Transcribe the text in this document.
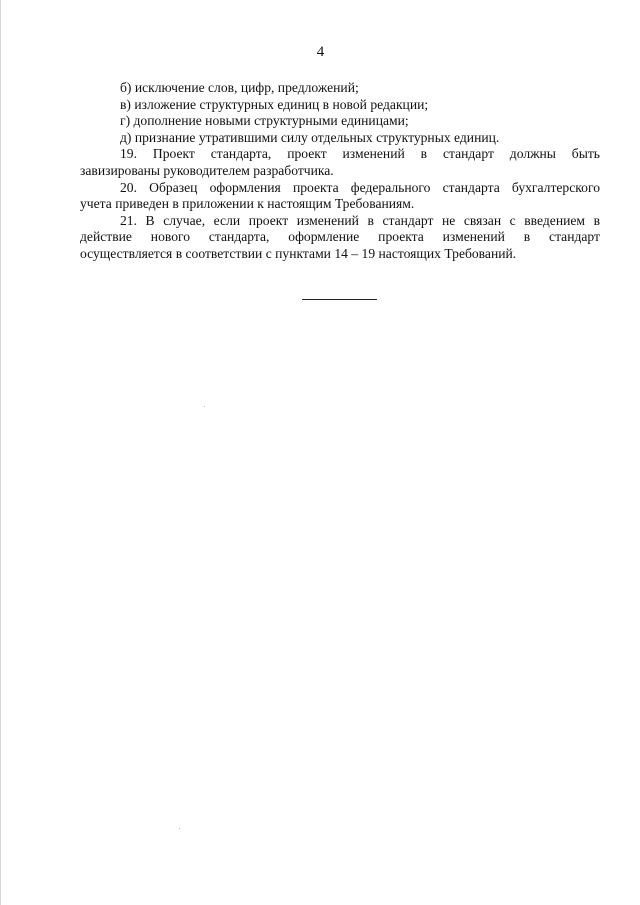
4

б) исключение слов, цифр, предложений;

в) изложение структурных единиц в новой редакции;

г) дополнение новыми структурными единицами;

д) признание утратившими силу отдельных структурных единиц.

19. Проект стандарта, проект изменений в стандарт должны быть
завизированы руководителем разработчика.

20. Образец оформления проекта федерального стандарта бухгалтерского
учета приведен в приложении к настоящим Требованиям.

21. В случае, если проект изменений в стандарт не связан с введением в
действие нового стандарта, оформление проекта изменений в стандарт
осуществляется в соответствии с пунктами 14 – 19 настоящих Требований.
